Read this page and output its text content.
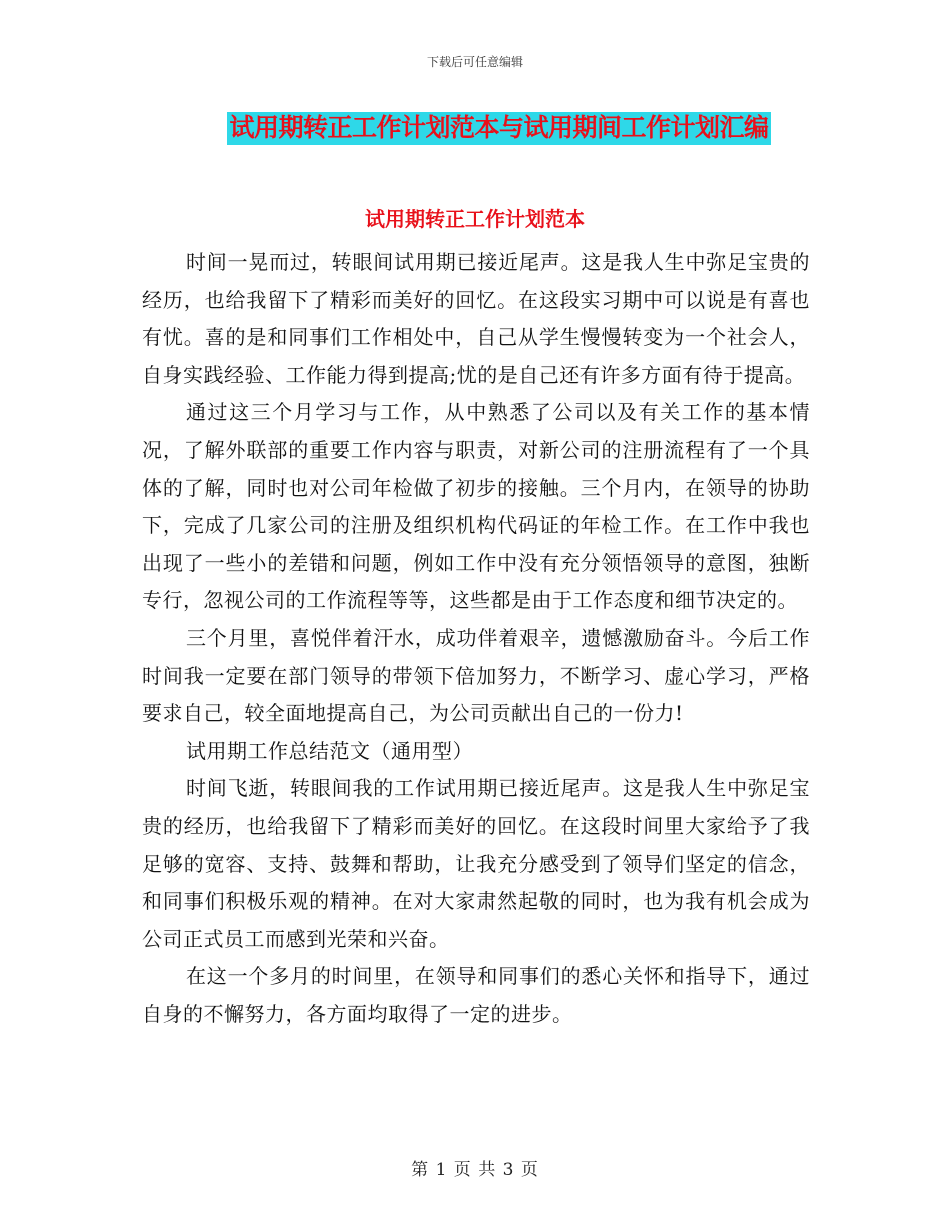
下载后可任意编辑
试用期转正工作计划范本与试用期间工作计划汇编
试用期转正工作计划范本

时间一晃而过，转眼间试用期已接近尾声。这是我人生中弥足宝贵的经历，也给我留下了精彩而美好的回忆。在这段实习期中可以说是有喜也有忧。喜的是和同事们工作相处中，自己从学生慢慢转变为一个社会人，自身实践经验、工作能力得到提高;忧的是自己还有许多方面有待于提高。

通过这三个月学习与工作，从中熟悉了公司以及有关工作的基本情况，了解外联部的重要工作内容与职责，对新公司的注册流程有了一个具体的了解，同时也对公司年检做了初步的接触。三个月内，在领导的协助下，完成了几家公司的注册及组织机构代码证的年检工作。在工作中我也出现了一些小的差错和问题，例如工作中没有充分领悟领导的意图，独断专行，忽视公司的工作流程等等，这些都是由于工作态度和细节决定的。

三个月里，喜悦伴着汗水，成功伴着艰辛，遗憾激励奋斗。今后工作时间我一定要在部门领导的带领下倍加努力，不断学习、虚心学习，严格要求自己，较全面地提高自己，为公司贡献出自己的一份力!

试用期工作总结范文（通用型）

时间飞逝，转眼间我的工作试用期已接近尾声。这是我人生中弥足宝贵的经历，也给我留下了精彩而美好的回忆。在这段时间里大家给予了我足够的宽容、支持、鼓舞和帮助，让我充分感受到了领导们坚定的信念，和同事们积极乐观的精神。在对大家肃然起敬的同时，也为我有机会成为公司正式员工而感到光荣和兴奋。

在这一个多月的时间里，在领导和同事们的悉心关怀和指导下，通过自身的不懈努力，各方面均取得了一定的进步。

第 1 页 共 3 页
